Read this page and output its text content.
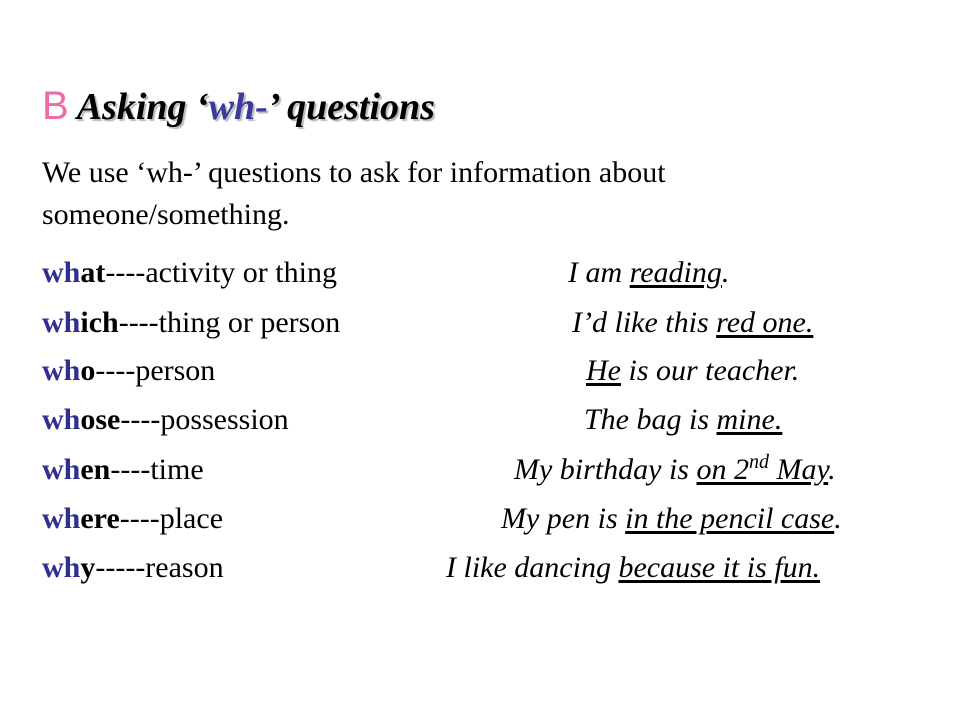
B Asking ‘wh-’ questions
We use ‘wh-’ questions to ask for information about
someone/something.
what----activity or thing	I am reading.
which----thing or person	I’d like this red one.
who----person	He is our teacher.
whose----possession	The bag is mine.
when----time	My birthday is on 2nd May.
where----place	My pen is in the pencil case.
why-----reason	I like dancing because it is fun.
